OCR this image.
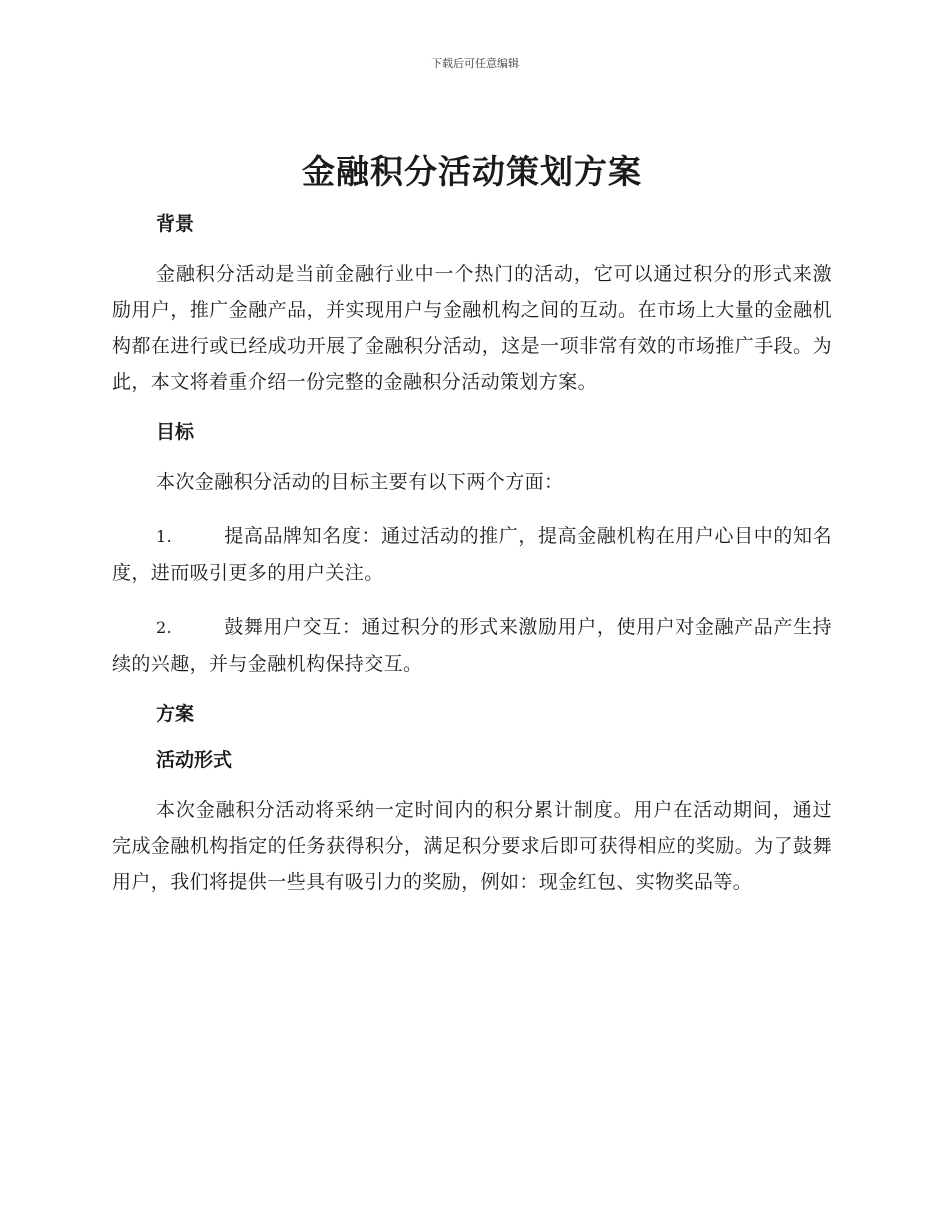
下载后可任意编辑
金融积分活动策划方案
背景

金融积分活动是当前金融行业中一个热门的活动，它可以通过积分的形式来激励用户，推广金融产品，并实现用户与金融机构之间的互动。在市场上大量的金融机构都在进行或已经成功开展了金融积分活动，这是一项非常有效的市场推广手段。为此，本文将着重介绍一份完整的金融积分活动策划方案。

目标

本次金融积分活动的目标主要有以下两个方面：

1.	提高品牌知名度：通过活动的推广，提高金融机构在用户心目中的知名度，进而吸引更多的用户关注。

2.	鼓舞用户交互：通过积分的形式来激励用户，使用户对金融产品产生持续的兴趣，并与金融机构保持交互。

方案
活动形式

本次金融积分活动将采纳一定时间内的积分累计制度。用户在活动期间，通过完成金融机构指定的任务获得积分，满足积分要求后即可获得相应的奖励。为了鼓舞用户，我们将提供一些具有吸引力的奖励，例如：现金红包、实物奖品等。
